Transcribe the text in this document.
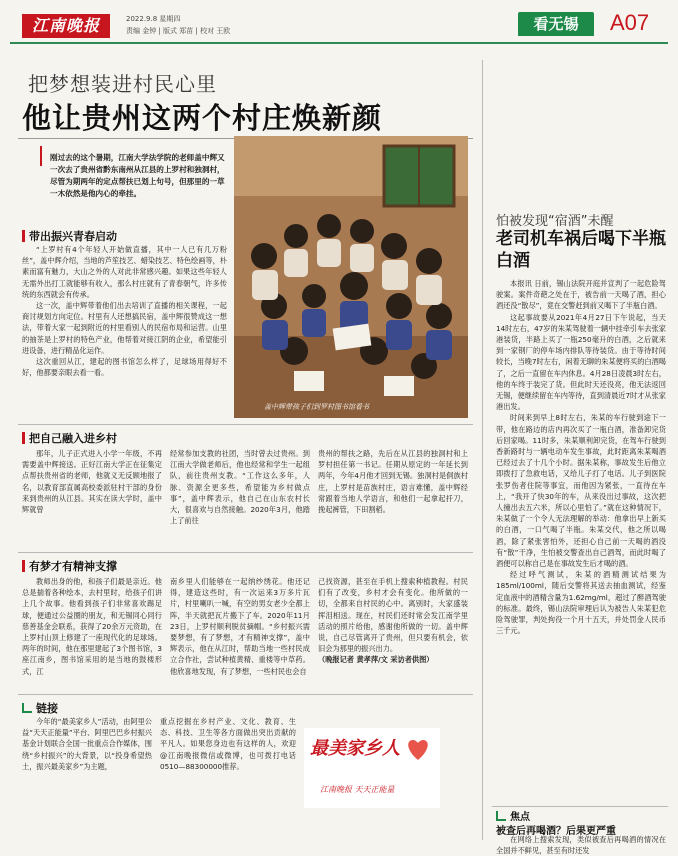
江南晚报	2022.9.8 星期四
责编 金钟 | 版式 郑苗 | 校对 王欧	看无锡	A07
把梦想装进村民心里
他让贵州这两个村庄焕新颜
刚过去的这个暑期，江南大学法学院的老师盖中辉又一次去了贵州省黔东南州从江县的上罗村和独洞村，尽管为期两年的定点帮扶已划上句号，但那里的一草一木依然是他内心的牵挂。
盖中辉带孩子们到罗村图书馆看书
带出振兴青春启动

“上罗村有4个年轻人开始做直播，其中一人已有几万粉丝”，盖中辉介绍，当地的芦笙技艺、蜡染技艺、特色绘画等，朴素而富有魅力，大山之外的人对此非常感兴趣。如果这些年轻人无需外出打工就能够有收入，那么村庄就有了青春朝气，许多传统的东西就会有传承。

这一次，盖中辉带着他们出去培训了直播的相关课程，一起商讨规划方向定位。村里有人还想搞民宿，盖中辉很赞成这一想法，带着大家一起到附近的村里看别人的民宿布局和运营。山里的抽茶是上罗村的特色产业，他帮着对接江阴的企业，希望能引进设备，进行精品化运作。

这次重回从江，建起的图书馆怎么样了，足球场用得好不好，他都要亲眼去看一看。

把自己融入进乡村
那年，儿子正式进入小学一年级，不再需要盖中辉接送。正好江南大学正在征集定点帮扶贵州省的老师，他就义无反顾地报了名，以教育部直属高校委派驻村干部的身份来到贵州的从江县。其实在读大学时，盖中辉就曾
经常参加支教的社团，当时曾去过贵州。到江南大学做老师后，他也经常和学生一起组队，前往贵州支教。“工作这么多年，人脉、资源全更多些，希望能为乡村做点事”，盖中辉表示，他自己在山东农村长大，很喜欢与自然接触。2020年3月，他踏上了前往
贵州的帮扶之路，先后在从江县的独洞村和上罗村担任第一书记。任期从原定的一年延长到两年，今年4月他才回到无锡。独洞村是侗族村庄，上罗村是苗族村庄，语言难懂，盖中辉经常跟着当地人学语言，和他们一起拿起扦刀，挽起裤管，下田割稻。
有梦才有精神支撑
教师出身的他，和孩子们最是亲近。他总是揣着各种绘本，去村里时，给孩子们讲上几个故事。他看到孩子们非常喜欢踢足球，便通过公益圈的朋友，和无锡同心同行慈善基金会联系，获得了20余万元资助，在上罗村山顶上修建了一座现代化的足球场。两年的时间，他在那里建起了3个图书馆，3座江南乡，图书馆采用的是当地的鼓楼形式，江
南乡里人们能够在一起纳纱绣花。他还记得，建造这些时，有一次运来3万多片瓦片，村里喇叭一喊，有空的男女老少全都上阵，半天就把瓦片搬下了车。2020年11月23日，上罗村顺利脱贫摘帽。“乡村振兴需要梦想，有了梦想，才有精神支撑”，盖中辉表示，他在从江时，帮助当地一些村民成立合作社，尝试种植黄精、重楼等中草药。他欣喜地发现，有了梦想，一些村民也会自
己找资源，甚至在手机上搜索种植教程。村民们有了改变，乡村才会有变化。他所做的一切，全都来自村民的心中。离别时，大家盛装挥泪相送。现在，村民们还时常会发江南学里活动的照片给他，感谢他所做的一切。盖中辉说，自己尽管离开了贵州，但只要有机会，依旧会为那里的振兴出力。
（晚报记者 黄孝萍/文 采访者供图）
链接
今年的“最美家乡人”活动，由阿里公益“天天正能量”平台、阿里巴巴乡村振兴基金计划联合全国一批重点合作媒体，围绕“乡村振兴”的大背景，以“投身希望热土，振兴最美家乡”为主题，
重点挖掘在乡村产业、文化、教育、生态、科技、卫生等各方面做出突出贡献的平凡人。如果您身边也有这样的人，欢迎@江南晚报微信或微博，也可拨打电话0510—88300000推荐。
最美家乡人
江南晚报 天天正能量
怕被发现“宿酒”未醒
老司机车祸后喝下半瓶白酒

本报讯 日前，锡山法院开庭并宣判了一起危险驾驶案。案件奇葩之处在于，被告前一天喝了酒，担心酒还没“散尽”，竟在交警赶到前又喝下了半瓶白酒。

这起事故要从2021年4月27日下午说起，当天14时左右，47岁的朱某驾驶着一辆中挂牵引车去张家港装货，半路上买了一瓶250毫升的白酒，之后就来到一家钢厂的停车场内排队等待装货。由于等待时间较长，当晚7时左右，闲着无聊的朱某便将买的白酒喝了，之后一直留在车内休息。4月28日凌晨3时左右，他的车终于装完了货。但此时天还没亮，他无法返回无锡，便继续留在车内等待，直到清晨近7时才从张家港出发。

时间来到早上8时左右，朱某的车行驶到途下一带，他在路边的店内再次买了一瓶白酒，准备卸完货后回家喝。11时多，朱某顺利卸完货，在驾车行驶到香新路时与一辆电动车发生事故，此时距离朱某喝酒已经过去了十几个小时。据朱某称，事故发生后他立即拨打了急救电话，又给儿子打了电话。儿子到医院张罗伤者住院等事宜，而他因为紧张，一直待在车上，“我开了快30年的车，从来没出过事故，这次把人撞出去五六米，所以心里怕了。”就在这种情况下，朱某做了一个令人无法理解的举动：他拿出早上新买的白酒，一口气喝了半瓶。朱某交代，他之所以喝酒，除了紧张害怕外，还担心自己前一天喝的酒没有“散”干净，生怕被交警查出自己酒驾，而此时喝了酒便可以称自己是在事故发生后才喝的酒。

经过呼气测试，朱某的酒精测试结果为185ml/100ml，随后交警将其送去抽血测试，经鉴定血液中的酒精含量为1.62mg/ml，超过了醉酒驾驶的标准。最终，锡山法院审理后认为被告人朱某犯危险驾驶罪，判处拘役一个月十五天，并处罚金人民币三千元。

焦点
被查后再喝酒？后果更严重
在网络上搜索发现，类似被查后再喝酒的情况在全国并不鲜见，甚至有时还发
